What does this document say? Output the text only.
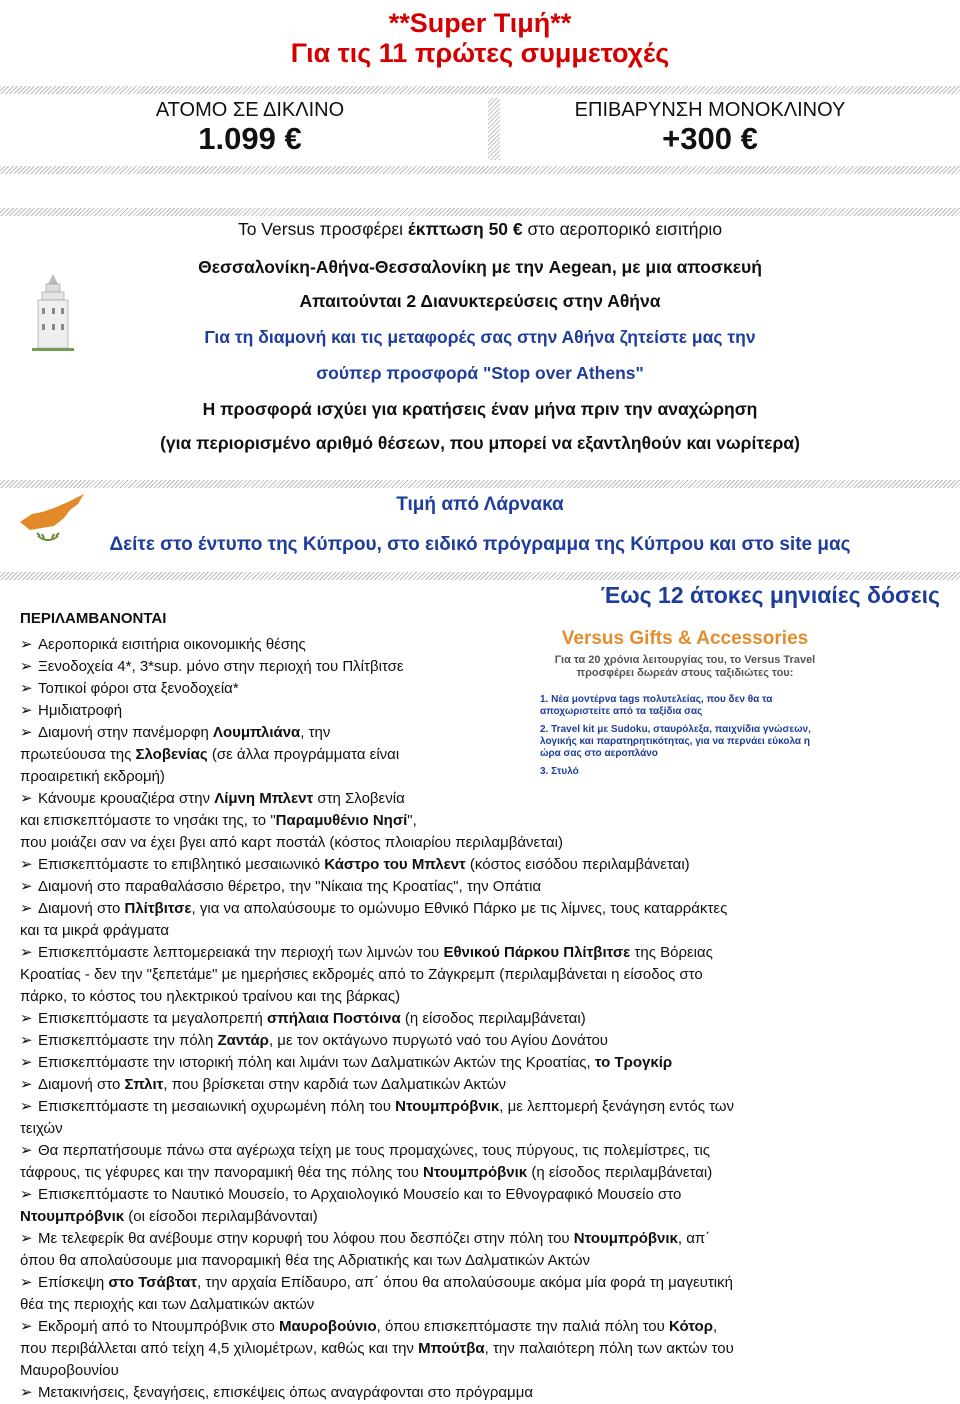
**Super Τιμή**
Για τις 11 πρώτες συμμετοχές
ΑΤΟΜΟ ΣΕ ΔΙΚΛΙΝΟ
1.099 €
ΕΠΙΒΑΡΥΝΣΗ ΜΟΝΟΚΛΙΝΟΥ
+300 €
Το Versus προσφέρει έκπτωση 50 € στο αεροπορικό εισιτήριο
Θεσσαλονίκη-Αθήνα-Θεσσαλονίκη με την Aegean, με μια αποσκευή
Απαιτούνται 2 Διανυκτερεύσεις στην Αθήνα
Για τη διαμονή και τις μεταφορές σας στην Αθήνα ζητείστε μας την
σούπερ προσφορά "Stop over Athens"
Η προσφορά ισχύει για κρατήσεις έναν μήνα πριν την αναχώρηση
(για περιορισμένο αριθμό θέσεων, που μπορεί να εξαντληθούν και νωρίτερα)
Τιμή από Λάρνακα
Δείτε στο έντυπο της Κύπρου, στο ειδικό πρόγραμμα της Κύπρου και στο site μας
Έως 12 άτοκες μηνιαίες δόσεις
ΠΕΡΙΛΑΜΒΑΝΟΝΤΑΙ
Versus Gifts & Accessories
Για τα 20 χρόνια λειτουργίας του, το Versus Travel προσφέρει δωρεάν στους ταξιδιώτες του:
1. Νέα μοντέρνα tags πολυτελείας, που δεν θα τα αποχωριστείτε από τα ταξίδια σας
2. Travel kit με Sudoku, σταυρόλεξα, παιχνίδια γνώσεων, λογικής και παρατηρητικότητας, για να περνάει εύκολα η ώρα σας στο αεροπλάνο
3. Στυλό
➢ Αεροπορικά εισιτήρια οικονομικής θέσης
➢ Ξενοδοχεία 4*, 3*sup. μόνο στην περιοχή του Πλίτβιτσε
➢ Τοπικοί φόροι στα ξενοδοχεία*
➢ Ημιδιατροφή
➢ Διαμονή στην πανέμορφη Λουμπλιάνα, την
πρωτεύουσα της Σλοβενίας (σε άλλα προγράμματα είναι
προαιρετική εκδρομή)
➢ Κάνουμε κρουαζιέρα στην Λίμνη Μπλεντ στη Σλοβενία
και επισκεπτόμαστε το νησάκι της, το "Παραμυθένιο Νησί",
που μοιάζει σαν να έχει βγει από καρτ ποστάλ (κόστος πλοιαρίου περιλαμβάνεται)
➢ Επισκεπτόμαστε το επιβλητικό μεσαιωνικό Κάστρο του Μπλεντ (κόστος εισόδου περιλαμβάνεται)
➢ Διαμονή στο παραθαλάσσιο θέρετρο, την "Νίκαια της Κροατίας", την Οπάτια
➢ Διαμονή στο Πλίτβιτσε, για να απολαύσουμε το ομώνυμο Εθνικό Πάρκο με τις λίμνες, τους καταρράκτες
και τα μικρά φράγματα
➢ Επισκεπτόμαστε λεπτομερειακά την περιοχή των λιμνών του Εθνικού Πάρκου Πλίτβιτσε της Βόρειας
Κροατίας - δεν την "ξεπετάμε" με ημερήσιες εκδρομές από το Ζάγκρεμπ (περιλαμβάνεται η είσοδος στο
πάρκο, το κόστος του ηλεκτρικού τραίνου και της βάρκας)
➢ Επισκεπτόμαστε τα μεγαλοπρεπή σπήλαια Ποστόινα (η είσοδος περιλαμβάνεται)
➢ Επισκεπτόμαστε την πόλη Ζαντάρ, με τον οκτάγωνο πυργωτό ναό του Αγίου Δονάτου
➢ Επισκεπτόμαστε την ιστορική πόλη και λιμάνι των Δαλματικών Ακτών της Κροατίας, το Τρογκίρ
➢ Διαμονή στο Σπλιτ, που βρίσκεται στην καρδιά των Δαλματικών Ακτών
➢ Επισκεπτόμαστε τη μεσαιωνική οχυρωμένη πόλη του Ντουμπρόβνικ, με λεπτομερή ξενάγηση εντός των
τειχών
➢ Θα περπατήσουμε πάνω στα αγέρωχα τείχη με τους προμαχώνες, τους πύργους, τις πολεμίστρες, τις
τάφρους, τις γέφυρες και την πανοραμική θέα της πόλης του Ντουμπρόβνικ (η είσοδος περιλαμβάνεται)
➢ Επισκεπτόμαστε το Ναυτικό Μουσείο, το Αρχαιολογικό Μουσείο και το Εθνογραφικό Μουσείο στο
Ντουμπρόβνικ (οι είσοδοι περιλαμβάνονται)
➢ Με τελεφερίκ θα ανέβουμε στην κορυφή του λόφου που δεσπόζει στην πόλη του Ντουμπρόβνικ, απ΄
όπου θα απολαύσουμε μια πανοραμική θέα της Αδριατικής και των Δαλματικών Ακτών
➢ Επίσκεψη στο Τσάβτατ, την αρχαία Επίδαυρο, απ΄ όπου θα απολαύσουμε ακόμα μία φορά τη μαγευτική
θέα της περιοχής και των Δαλματικών ακτών
➢ Εκδρομή από το Ντουμπρόβνικ στο Μαυροβούνιο, όπου επισκεπτόμαστε την παλιά πόλη του Κότορ,
που περιβάλλεται από τείχη 4,5 χιλιομέτρων, καθώς και την Μπούτβα, την παλαιότερη πόλη των ακτών του
Μαυροβουνίου
➢ Μετακινήσεις, ξεναγήσεις, επισκέψεις όπως αναγράφονται στο πρόγραμμα
